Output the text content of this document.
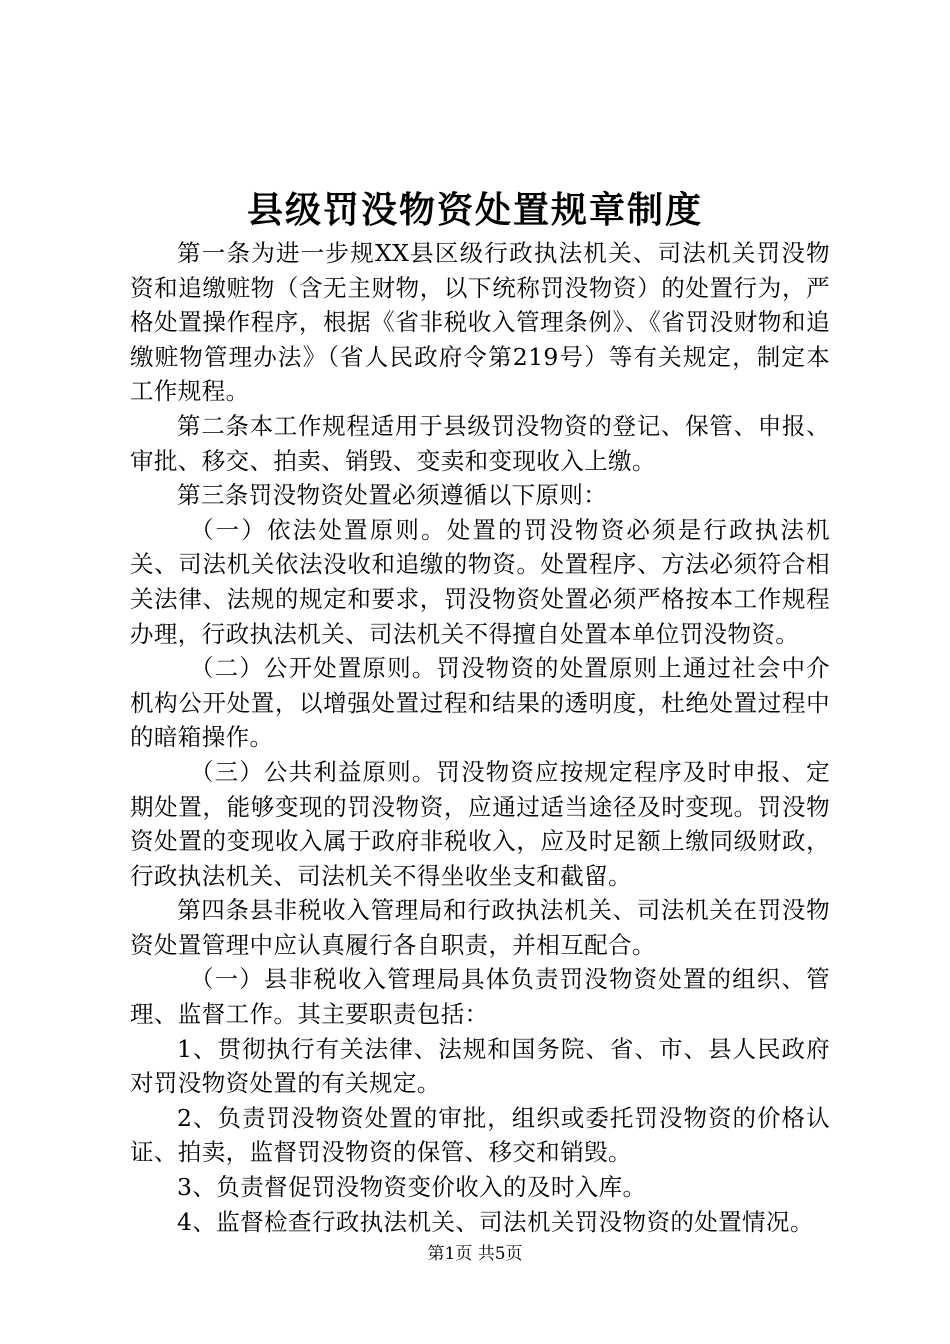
县级罚没物资处置规章制度

第一条为进一步规XX县区级行政执法机关、司法机关罚没物资和追缴赃物（含无主财物，以下统称罚没物资）的处置行为，严格处置操作程序，根据《省非税收入管理条例》、《省罚没财物和追缴赃物管理办法》（省人民政府令第219号）等有关规定，制定本工作规程。

第二条本工作规程适用于县级罚没物资的登记、保管、申报、审批、移交、拍卖、销毁、变卖和变现收入上缴。

第三条罚没物资处置必须遵循以下原则：

（一）依法处置原则。处置的罚没物资必须是行政执法机关、司法机关依法没收和追缴的物资。处置程序、方法必须符合相关法律、法规的规定和要求，罚没物资处置必须严格按本工作规程办理，行政执法机关、司法机关不得擅自处置本单位罚没物资。

（二）公开处置原则。罚没物资的处置原则上通过社会中介机构公开处置，以增强处置过程和结果的透明度，杜绝处置过程中的暗箱操作。

（三）公共利益原则。罚没物资应按规定程序及时申报、定期处置，能够变现的罚没物资，应通过适当途径及时变现。罚没物资处置的变现收入属于政府非税收入，应及时足额上缴同级财政，行政执法机关、司法机关不得坐收坐支和截留。

第四条县非税收入管理局和行政执法机关、司法机关在罚没物资处置管理中应认真履行各自职责，并相互配合。

（一）县非税收入管理局具体负责罚没物资处置的组织、管理、监督工作。其主要职责包括：

1、贯彻执行有关法律、法规和国务院、省、市、县人民政府对罚没物资处置的有关规定。

2、负责罚没物资处置的审批，组织或委托罚没物资的价格认证、拍卖，监督罚没物资的保管、移交和销毁。

3、负责督促罚没物资变价收入的及时入库。

4、监督检查行政执法机关、司法机关罚没物资的处置情况。

第1页 共5页
